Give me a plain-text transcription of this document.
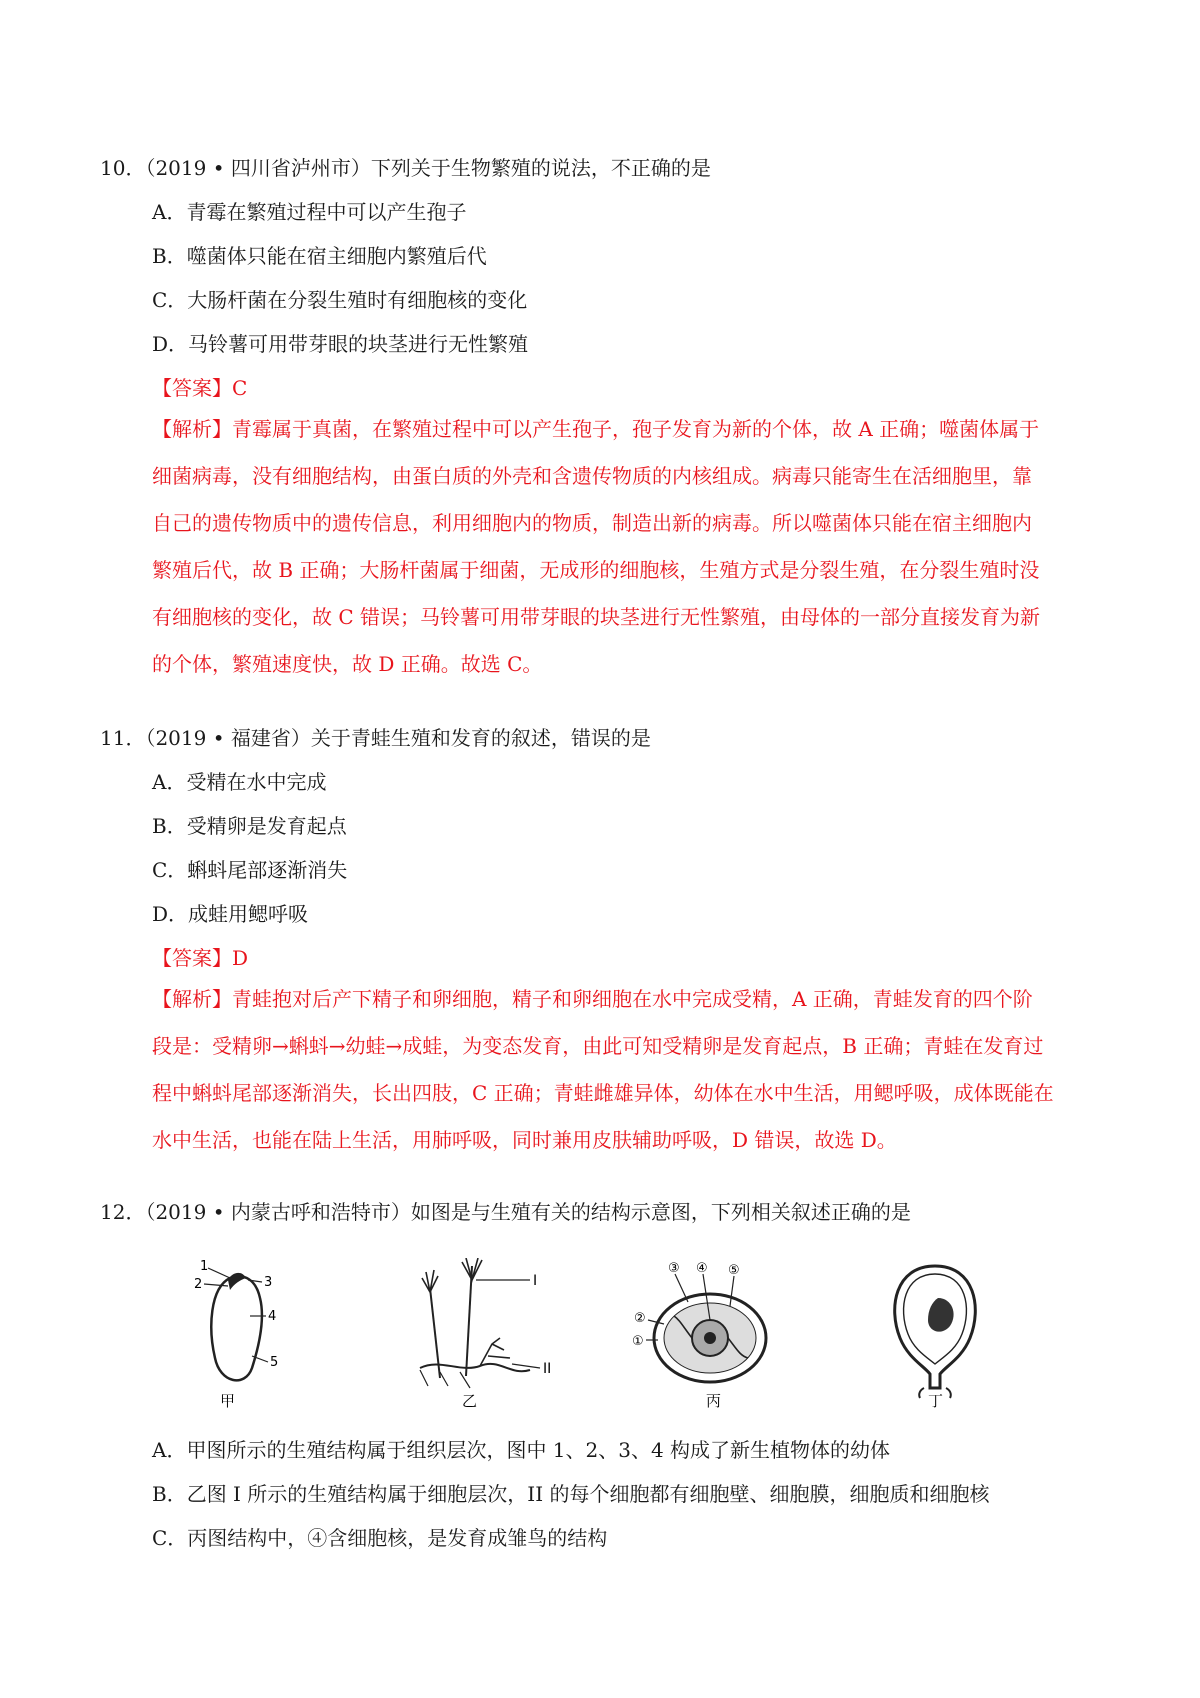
10．（2019 • 四川省泸州市）下列关于生物繁殖的说法，不正确的是
A．青霉在繁殖过程中可以产生孢子
B．噬菌体只能在宿主细胞内繁殖后代
C．大肠杆菌在分裂生殖时有细胞核的变化
D．马铃薯可用带芽眼的块茎进行无性繁殖
【答案】C

【解析】青霉属于真菌，在繁殖过程中可以产生孢子，孢子发育为新的个体，故 A 正确；噬菌体属于

细菌病毒，没有细胞结构，由蛋白质的外壳和含遗传物质的内核组成。病毒只能寄生在活细胞里，靠

自己的遗传物质中的遗传信息，利用细胞内的物质，制造出新的病毒。所以噬菌体只能在宿主细胞内

繁殖后代，故 B 正确；大肠杆菌属于细菌，无成形的细胞核，生殖方式是分裂生殖，在分裂生殖时没

有细胞核的变化，故 C 错误；马铃薯可用带芽眼的块茎进行无性繁殖，由母体的一部分直接发育为新

的个体，繁殖速度快，故 D 正确。故选 C。

11．（2019 • 福建省）关于青蛙生殖和发育的叙述，错误的是
A．受精在水中完成
B．受精卵是发育起点
C．蝌蚪尾部逐渐消失
D．成蛙用鳃呼吸
【答案】D

【解析】青蛙抱对后产下精子和卵细胞，精子和卵细胞在水中完成受精，A 正确，青蛙发育的四个阶

段是：受精卵→蝌蚪→幼蛙→成蛙，为变态发育，由此可知受精卵是发育起点，B 正确；青蛙在发育过

程中蝌蚪尾部逐渐消失，长出四肢，C 正确；青蛙雌雄异体，幼体在水中生活，用鳃呼吸，成体既能在

水中生活，也能在陆上生活，用肺呼吸，同时兼用皮肤辅助呼吸，D 错误，故选 D。

12．（2019 • 内蒙古呼和浩特市）如图是与生殖有关的结构示意图，下列相关叙述正确的是
1
2	3
4
5
甲
I
II
乙
①
②
③ ④ ⑤
丙	丁
A．甲图所示的生殖结构属于组织层次，图中 1、2、3、4 构成了新生植物体的幼体
B．乙图 I 所示的生殖结构属于细胞层次，II 的每个细胞都有细胞壁、细胞膜，细胞质和细胞核
C．丙图结构中，④含细胞核，是发育成雏鸟的结构
